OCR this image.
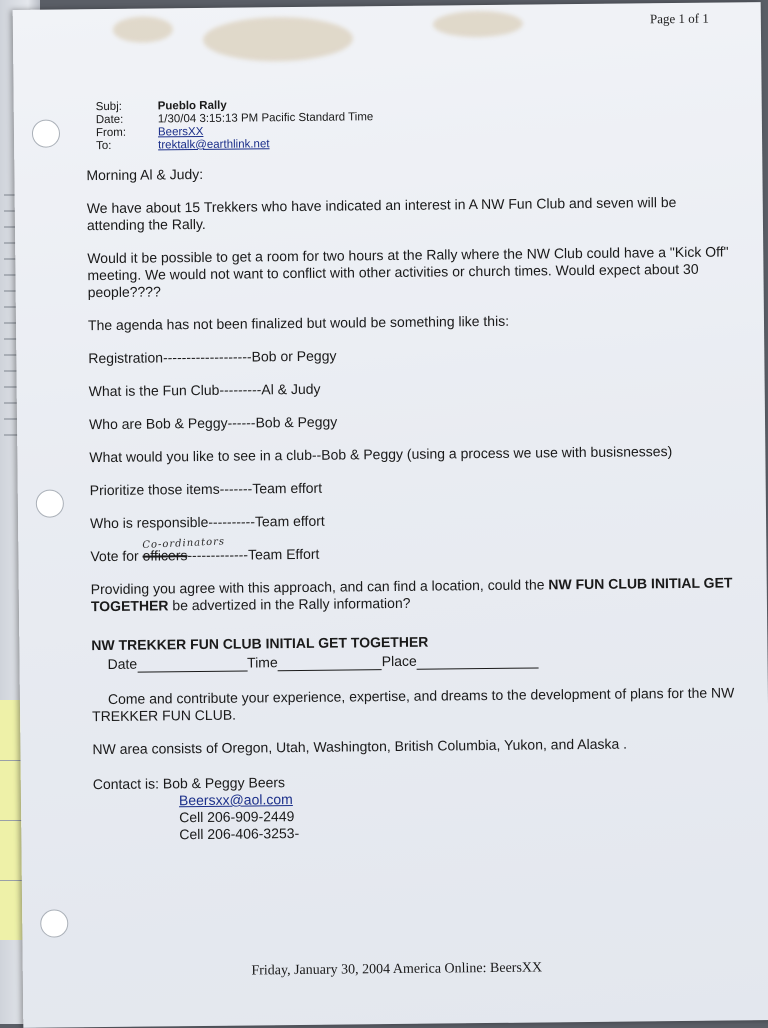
Page 1 of 1
Subj:	Pueblo Rally
Date:	1/30/04 3:15:13 PM Pacific Standard Time
From:	BeersXX
To:	trektalk@earthlink.net

Morning Al & Judy:

We have about 15 Trekkers who have indicated an interest in A NW Fun Club and seven will be attending the Rally.

Would it be possible to get a room for two hours at the Rally where the NW Club could have a "Kick Off" meeting. We would not want to conflict with other activities or church times. Would expect about 30 people????

The agenda has not been finalized but would be something like this:

Registration-------------------Bob or Peggy

What is the Fun Club---------Al & Judy

Who are Bob & Peggy------Bob & Peggy

What would you like to see in a club--Bob & Peggy (using a process we use with busisnesses)

Prioritize those items-------Team effort

Who is responsible----------Team effort

Co-ordinators
Vote for officers-------------Team Effort

Providing you agree with this approach, and can find a location, could the NW FUN CLUB INITIAL GET TOGETHER be advertized in the Rally information?

NW TREKKER FUN CLUB INITIAL GET TOGETHER
Date	Time	Place

Come and contribute your experience, expertise, and dreams to the development of plans for the NW TREKKER FUN CLUB.

NW area consists of Oregon, Utah, Washington, British Columbia, Yukon, and Alaska .

Contact is: Bob & Peggy Beers
Beersxx@aol.com
Cell 206-909-2449
Cell 206-406-3253-
Friday, January 30, 2004 America Online: BeersXX
